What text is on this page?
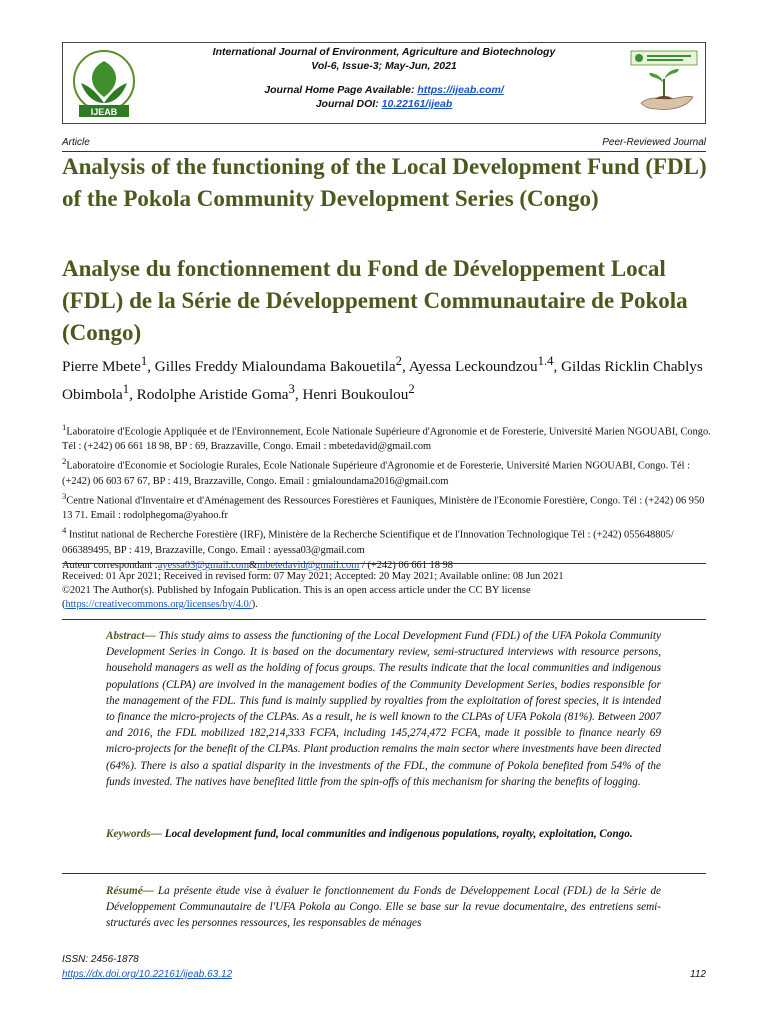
IJEAB
International Journal of Environment, Agriculture and Biotechnology
Vol-6, Issue-3; May-Jun, 2021
Journal Home Page Available: https://ijeab.com/
Journal DOI: 10.22161/ijeab
Article	Peer-Reviewed Journal
Analysis of the functioning of the Local Development Fund (FDL) of the Pokola Community Development Series (Congo)
Analyse du fonctionnement du Fond de Développement Local (FDL) de la Série de Développement Communautaire de Pokola (Congo)
Pierre Mbete$^1$, Gilles Freddy Mialoundama Bakouetila$^2$, Ayessa Leckoundzou$^{1.4}$, Gildas Ricklin Chablys Obimbola$^1$, Rodolphe Aristide Goma$^3$, Henri Boukoulou$^2$
$^1$Laboratoire d'Ecologie Appliquée et de l'Environnement, Ecole Nationale Supérieure d'Agronomie et de Foresterie, Université Marien NGOUABI, Congo. Tél : (+242) 06 661 18 98, BP : 69, Brazzaville, Congo. Email : mbetedavid@gmail.com
$^2$Laboratoire d'Economie et Sociologie Rurales, Ecole Nationale Supérieure d'Agronomie et de Foresterie, Université Marien NGOUABI, Congo. Tél : (+242) 06 603 67 67, BP : 419, Brazzaville, Congo. Email : gmialoundama2016@gmail.com
$^3$Centre National d'Inventaire et d'Aménagement des Ressources Forestières et Fauniques, Ministère de l'Economie Forestière, Congo. Tél : (+242) 06 950 13 71. Email : rodolphegoma@yahoo.fr
$^4$ Institut national de Recherche Forestière (IRF), Ministère de la Recherche Scientifique et de l'Innovation Technologique Tél : (+242) 055648805/ 066389495, BP : 419, Brazzaville, Congo. Email : ayessa03@gmail.com
Auteur correspondant :ayessa03@gmail.com&mbetedavid@gmail.com / (+242) 06 661 18 98
Received: 01 Apr 2021; Received in revised form: 07 May 2021; Accepted: 20 May 2021; Available online: 08 Jun 2021
©2021 The Author(s). Published by Infogain Publication. This is an open access article under the CC BY license
(https://creativecommons.org/licenses/by/4.0/).
Abstract— This study aims to assess the functioning of the Local Development Fund (FDL) of the UFA Pokola Community Development Series in Congo. It is based on the documentary review, semi-structured interviews with resource persons, household managers as well as the holding of focus groups. The results indicate that the local communities and indigenous populations (CLPA) are involved in the management bodies of the Community Development Series, bodies responsible for the management of the FDL. This fund is mainly supplied by royalties from the exploitation of forest species, it is intended to finance the micro-projects of the CLPAs. As a result, he is well known to the CLPAs of UFA Pokola (81%). Between 2007 and 2016, the FDL mobilized 182,214,333 FCFA, including 145,274,472 FCFA, made it possible to finance nearly 69 micro-projects for the benefit of the CLPAs. Plant production remains the main sector where investments have been directed (64%). There is also a spatial disparity in the investments of the FDL, the commune of Pokola benefited from 54% of the funds invested. The natives have benefited little from the spin-offs of this mechanism for sharing the benefits of logging.
Keywords— Local development fund, local communities and indigenous populations, royalty, exploitation, Congo.
Résumé— La présente étude vise à évaluer le fonctionnement du Fonds de Développement Local (FDL) de la Série de Développement Communautaire de l'UFA Pokola au Congo. Elle se base sur la revue documentaire, des entretiens semi-structurés avec les personnes ressources, les responsables de ménages
ISSN: 2456-1878
https://dx.doi.org/10.22161/ijeab.63.12	112
